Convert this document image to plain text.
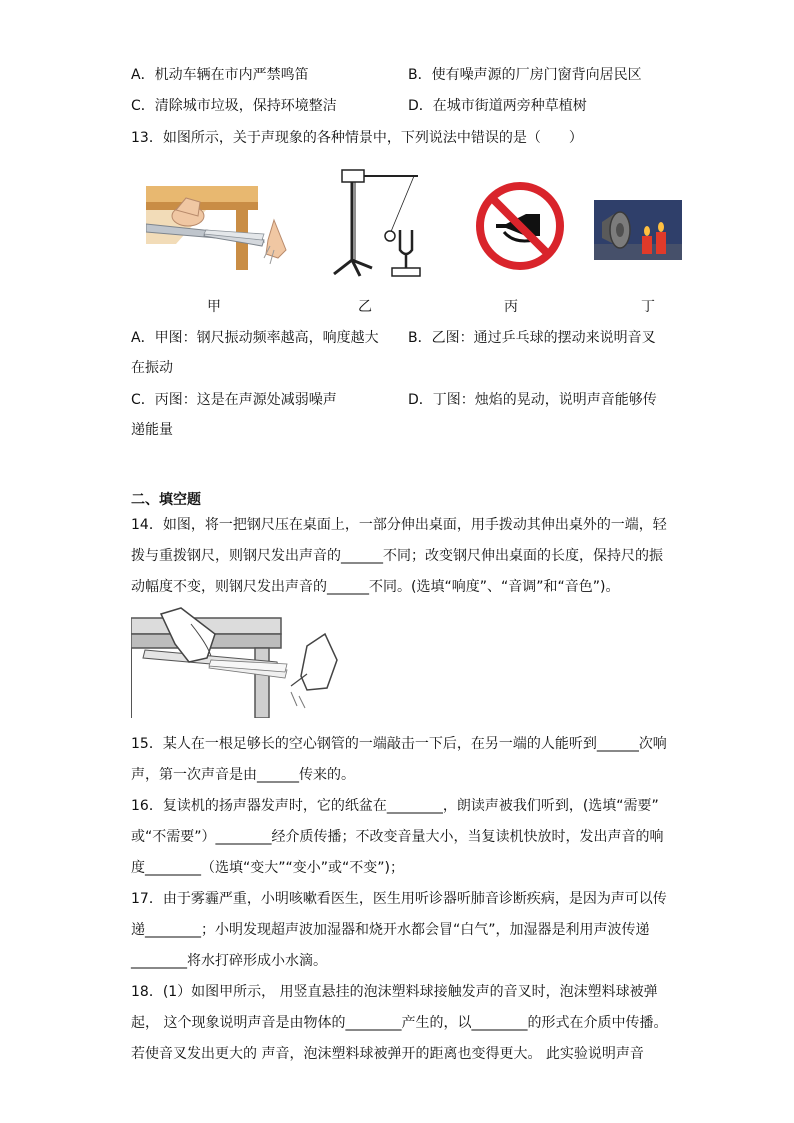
A．机动车辆在市内严禁鸣笛	B．使有噪声源的厂房门窗背向居民区
C．清除城市垃圾，保持环境整洁	D．在城市街道两旁种草植树
13．如图所示，关于声现象的各种情景中，下列说法中错误的是（　　）
甲	乙	丙	丁
A．甲图：钢尺振动频率越高，响度越大 B．乙图：通过乒乓球的摆动来说明音叉
在振动
C．丙图：这是在声源处减弱噪声	D．丁图：烛焰的晃动，说明声音能够传
递能量
二、填空题
14．如图，将一把钢尺压在桌面上，一部分伸出桌面，用手拨动其伸出桌外的一端，轻
拨与重拨钢尺，则钢尺发出声音的______不同；改变钢尺伸出桌面的长度，保持尺的振
动幅度不变，则钢尺发出声音的______不同。(选填“响度”、“音调”和“音色”)。
15．某人在一根足够长的空心钢管的一端敲击一下后，在另一端的人能听到______次响
声，第一次声音是由______传来的。
16．复读机的扬声器发声时，它的纸盆在________，朗读声被我们听到，(选填“需要”
或“不需要”）________经介质传播；不改变音量大小，当复读机快放时，发出声音的响
度________（选填“变大”“变小”或“不变”)；
17．由于雾霾严重，小明咳嗽看医生，医生用听诊器听肺音诊断疾病，是因为声可以传
递________；小明发现超声波加湿器和烧开水都会冒“白气”，加湿器是利用声波传递
________将水打碎形成小水滴。
18．(1）如图甲所示， 用竖直悬挂的泡沫塑料球接触发声的音叉时，泡沫塑料球被弹
起， 这个现象说明声音是由物体的________产生的，以________的形式在介质中传播。
若使音叉发出更大的 声音，泡沫塑料球被弹开的距离也变得更大。 此实验说明声音
